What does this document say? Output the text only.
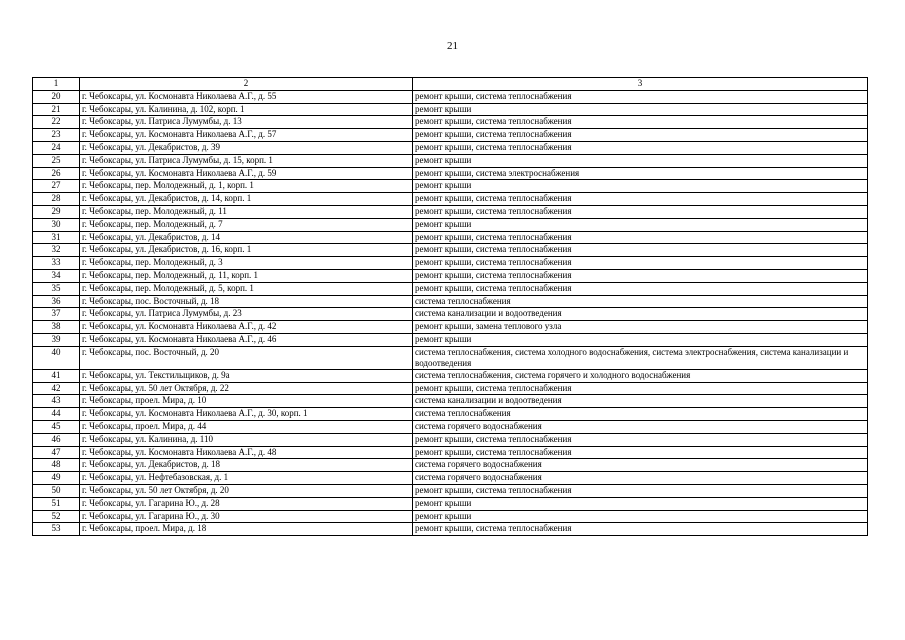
21
1	2	3
20	г. Чебоксары, ул. Космонавта Николаева А.Г., д. 55	ремонт крыши, система теплоснабжения
21	г. Чебоксары, ул. Калинина, д. 102, корп. 1	ремонт крыши
22	г. Чебоксары, ул. Патриса Лумумбы, д. 13	ремонт крыши, система теплоснабжения
23	г. Чебоксары, ул. Космонавта Николаева А.Г., д. 57	ремонт крыши, система теплоснабжения
24	г. Чебоксары, ул. Декабристов, д. 39	ремонт крыши, система теплоснабжения
25	г. Чебоксары, ул. Патриса Лумумбы, д. 15, корп. 1	ремонт крыши
26	г. Чебоксары, ул. Космонавта Николаева А.Г., д. 59	ремонт крыши, система электроснабжения
27	г. Чебоксары, пер. Молодежный, д. 1, корп. 1	ремонт крыши
28	г. Чебоксары, ул. Декабристов, д. 14, корп. 1	ремонт крыши, система теплоснабжения
29	г. Чебоксары, пер. Молодежный, д. 11	ремонт крыши, система теплоснабжения
30	г. Чебоксары, пер. Молодежный, д. 7	ремонт крыши
31	г. Чебоксары, ул. Декабристов, д. 14	ремонт крыши, система теплоснабжения
32	г. Чебоксары, ул. Декабристов, д. 16, корп. 1	ремонт крыши, система теплоснабжения
33	г. Чебоксары, пер. Молодежный, д. 3	ремонт крыши, система теплоснабжения
34	г. Чебоксары, пер. Молодежный, д. 11, корп. 1	ремонт крыши, система теплоснабжения
35	г. Чебоксары, пер. Молодежный, д. 5, корп. 1	ремонт крыши, система теплоснабжения
36	г. Чебоксары, пос. Восточный, д. 18	система теплоснабжения
37	г. Чебоксары, ул. Патриса Лумумбы, д. 23	система канализации и водоотведения
38	г. Чебоксары, ул. Космонавта Николаева А.Г., д. 42	ремонт крыши, замена теплового узла
39	г. Чебоксары, ул. Космонавта Николаева А.Г., д. 46	ремонт крыши
40	г. Чебоксары, пос. Восточный, д. 20	система теплоснабжения, система холодного водоснабжения, система электроснабжения, система канализации и водоотведения
41	г. Чебоксары, ул. Текстильщиков, д. 9а	система теплоснабжения, система горячего и холодного водоснабжения
42	г. Чебоксары, ул. 50 лет Октября, д. 22	ремонт крыши, система теплоснабжения
43	г. Чебоксары, проел. Мира, д. 10	система канализации и водоотведения
44	г. Чебоксары, ул. Космонавта Николаева А.Г., д. 30, корп. 1	система теплоснабжения
45	г. Чебоксары, проел. Мира, д. 44	система горячего водоснабжения
46	г. Чебоксары, ул. Калинина, д. 110	ремонт крыши, система теплоснабжения
47	г. Чебоксары, ул. Космонавта Николаева А.Г., д. 48	ремонт крыши, система теплоснабжения
48	г. Чебоксары, ул. Декабристов, д. 18	система горячего водоснабжения
49	г. Чебоксары, ул. Нефтебазовская, д. 1	система горячего водоснабжения
50	г. Чебоксары, ул. 50 лет Октября, д. 20	ремонт крыши, система теплоснабжения
51	г. Чебоксары, ул. Гагарина Ю., д. 28	ремонт крыши
52	г. Чебоксары, ул. Гагарина Ю., д. 30	ремонт крыши
53	г. Чебоксары, проел. Мира, д. 18	ремонт крыши, система теплоснабжения
